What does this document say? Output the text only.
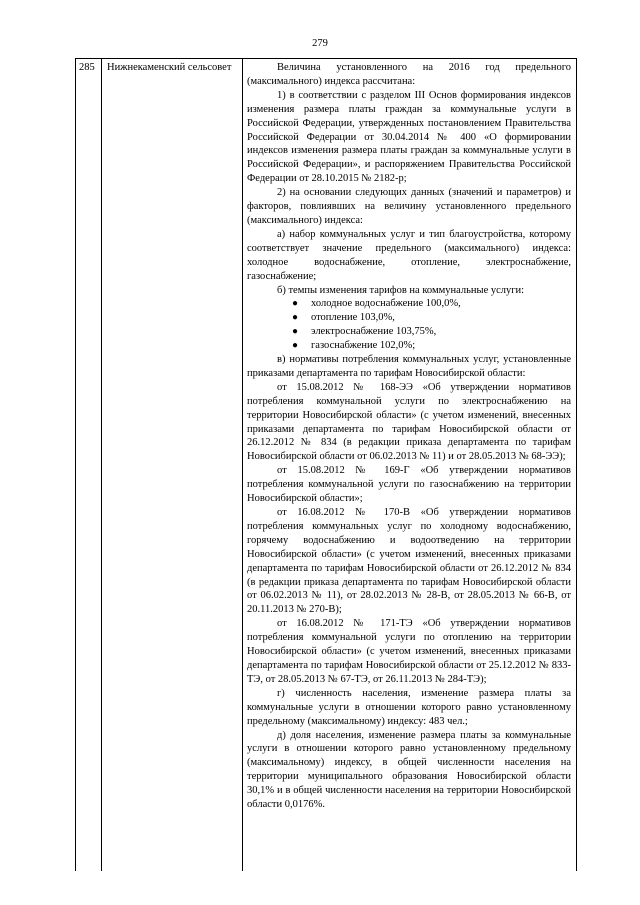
279
285	Нижнекаменский сельсовет	Величина установленного на 2016 год предельного (максимального) индекса рассчитана:

1) в соответствии с разделом III Основ формирования индексов изменения размера платы граждан за коммунальные услуги в Российской Федерации, утвержденных постановлением Правительства Российской Федерации от 30.04.2014 № 400 «О формировании индексов изменения размера платы граждан за коммунальные услуги в Российской Федерации», и распоряжением Правительства Российской Федерации от 28.10.2015 № 2182-р;

2) на основании следующих данных (значений и параметров) и факторов, повлиявших на величину установленного предельного (максимального) индекса:

а) набор коммунальных услуг и тип благоустройства, которому соответствует значение предельного (максимального) индекса: холодное водоснабжение, отопление, электроснабжение, газоснабжение;

б) темпы изменения тарифов на коммунальные услуги:

● холодное водоснабжение 100,0%,
● отопление 103,0%,
● электроснабжение 103,75%,
● газоснабжение 102,0%;

в) нормативы потребления коммунальных услуг, установленные приказами департамента по тарифам Новосибирской области:

от 15.08.2012 № 168-ЭЭ «Об утверждении нормативов потребления коммунальной услуги по электроснабжению на территории Новосибирской области» (с учетом изменений, внесенных приказами департамента по тарифам Новосибирской области от 26.12.2012 № 834 (в редакции приказа департамента по тарифам Новосибирской области от 06.02.2013 № 11) и от 28.05.2013 № 68-ЭЭ);

от 15.08.2012 № 169-Г «Об утверждении нормативов потребления коммунальной услуги по газоснабжению на территории Новосибирской области»;

от 16.08.2012 № 170-В «Об утверждении нормативов потребления коммунальных услуг по холодному водоснабжению, горячему водоснабжению и водоотведению на территории Новосибирской области» (с учетом изменений, внесенных приказами департамента по тарифам Новосибирской области от 26.12.2012 № 834 (в редакции приказа департамента по тарифам Новосибирской области от 06.02.2013 № 11), от 28.02.2013 № 28-В, от 28.05.2013 № 66-В, от 20.11.2013 № 270-В);

от 16.08.2012 № 171-ТЭ «Об утверждении нормативов потребления коммунальной услуги по отоплению на территории Новосибирской области» (с учетом изменений, внесенных приказами департамента по тарифам Новосибирской области от 25.12.2012 № 833-ТЭ, от 28.05.2013 № 67-ТЭ, от 26.11.2013 № 284-ТЭ);

г) численность населения, изменение размера платы за коммунальные услуги в отношении которого равно установленному предельному (максимальному) индексу: 483 чел.;

д) доля населения, изменение размера платы за коммунальные услуги в отношении которого равно установленному предельному (максимальному) индексу, в общей численности населения на территории муниципального образования Новосибирской области 30,1% и в общей численности населения на территории Новосибирской области 0,0176%.
